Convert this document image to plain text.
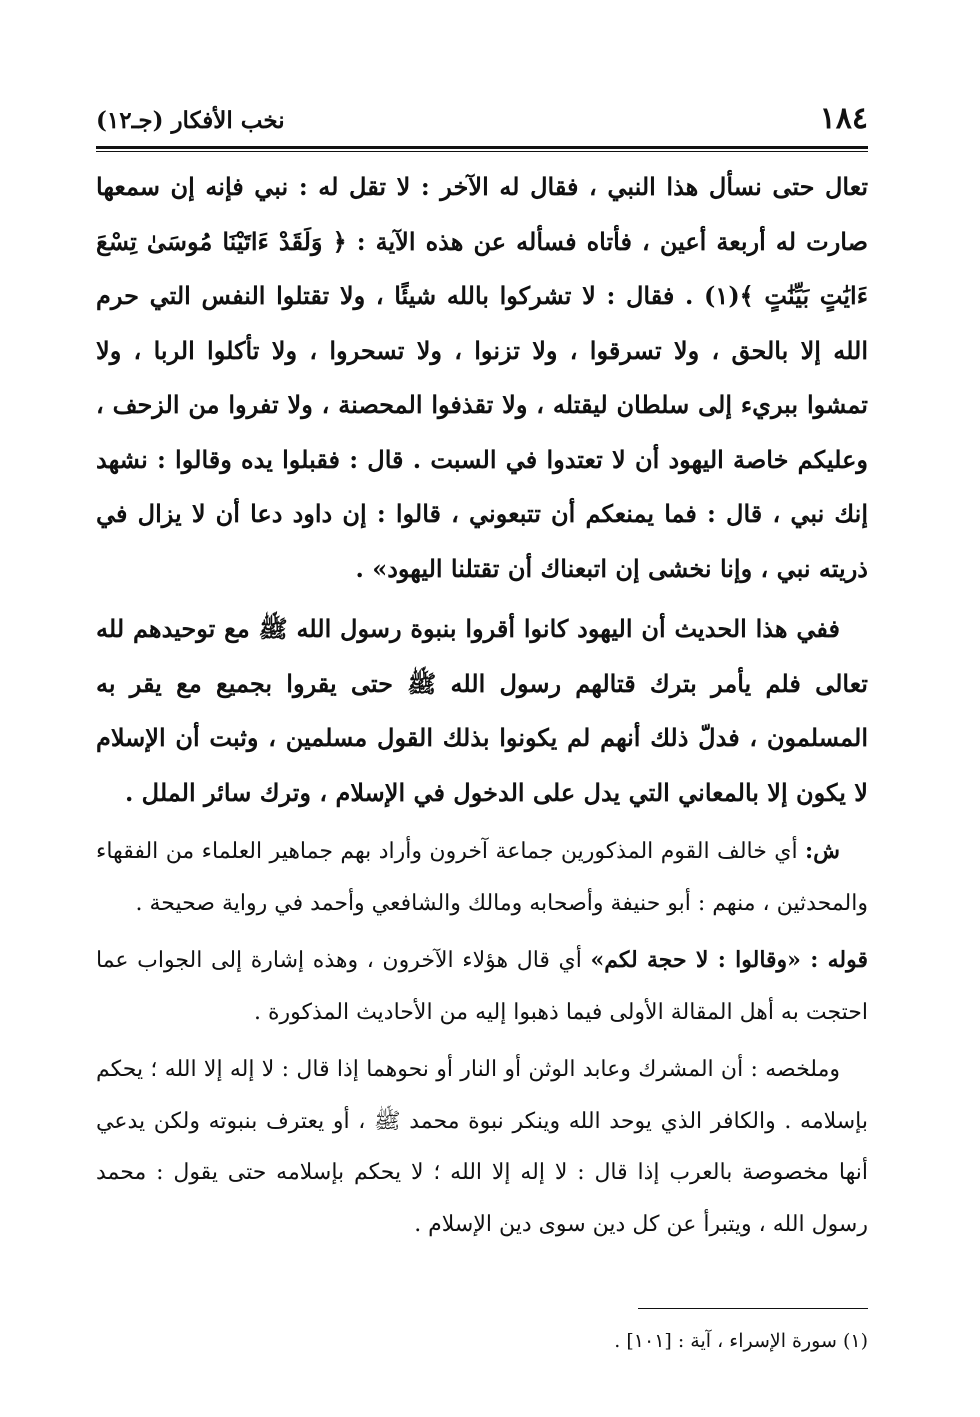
١٨٤
نخب الأفكار (جـ١٢)

تعال حتى نسأل هذا النبي ، فقال له الآخر : لا تقل له : نبي فإنه إن سمعها صارت له أربعة أعين ، فأتاه فسأله عن هذه الآية : ﴿ وَلَقَدْ ءَاتَيْنَا مُوسَىٰ تِسْعَ ءَايَٰتٍ بَيِّنَٰتٍ ﴾(١) . فقال : لا تشركوا بالله شيئًا ، ولا تقتلوا النفس التي حرم الله إلا بالحق ، ولا تسرقوا ، ولا تزنوا ، ولا تسحروا ، ولا تأكلوا الربا ، ولا تمشوا ببريء إلى سلطان ليقتله ، ولا تقذفوا المحصنة ، ولا تفروا من الزحف ، وعليكم خاصة اليهود أن لا تعتدوا في السبت . قال : فقبلوا يده وقالوا : نشهد إنك نبي ، قال : فما يمنعكم أن تتبعوني ، قالوا : إن داود دعا أن لا يزال في ذريته نبي ، وإنا نخشى إن اتبعناك أن تقتلنا اليهود» .

ففي هذا الحديث أن اليهود كانوا أقروا بنبوة رسول الله ﷺ مع توحيدهم لله تعالى فلم يأمر بترك قتالهم رسول الله ﷺ حتى يقروا بجميع مع يقر به المسلمون ، فدلّ ذلك أنهم لم يكونوا بذلك القول مسلمين ، وثبت أن الإسلام لا يكون إلا بالمعاني التي يدل على الدخول في الإسلام ، وترك سائر الملل .

ش: أي خالف القوم المذكورين جماعة آخرون وأراد بهم جماهير العلماء من الفقهاء والمحدثين ، منهم : أبو حنيفة وأصحابه ومالك والشافعي وأحمد في رواية صحيحة .

قوله : «وقالوا : لا حجة لكم» أي قال هؤلاء الآخرون ، وهذه إشارة إلى الجواب عما احتجت به أهل المقالة الأولى فيما ذهبوا إليه من الأحاديث المذكورة .

وملخصه : أن المشرك وعابد الوثن أو النار أو نحوهما إذا قال : لا إله إلا الله ؛ يحكم بإسلامه . والكافر الذي يوحد الله وينكر نبوة محمد ﷺ ، أو يعترف بنبوته ولكن يدعي أنها مخصوصة بالعرب إذا قال : لا إله إلا الله ؛ لا يحكم بإسلامه حتى يقول : محمد رسول الله ، ويتبرأ عن كل دين سوى دين الإسلام .

(١) سورة الإسراء ، آية : [١٠١] .
